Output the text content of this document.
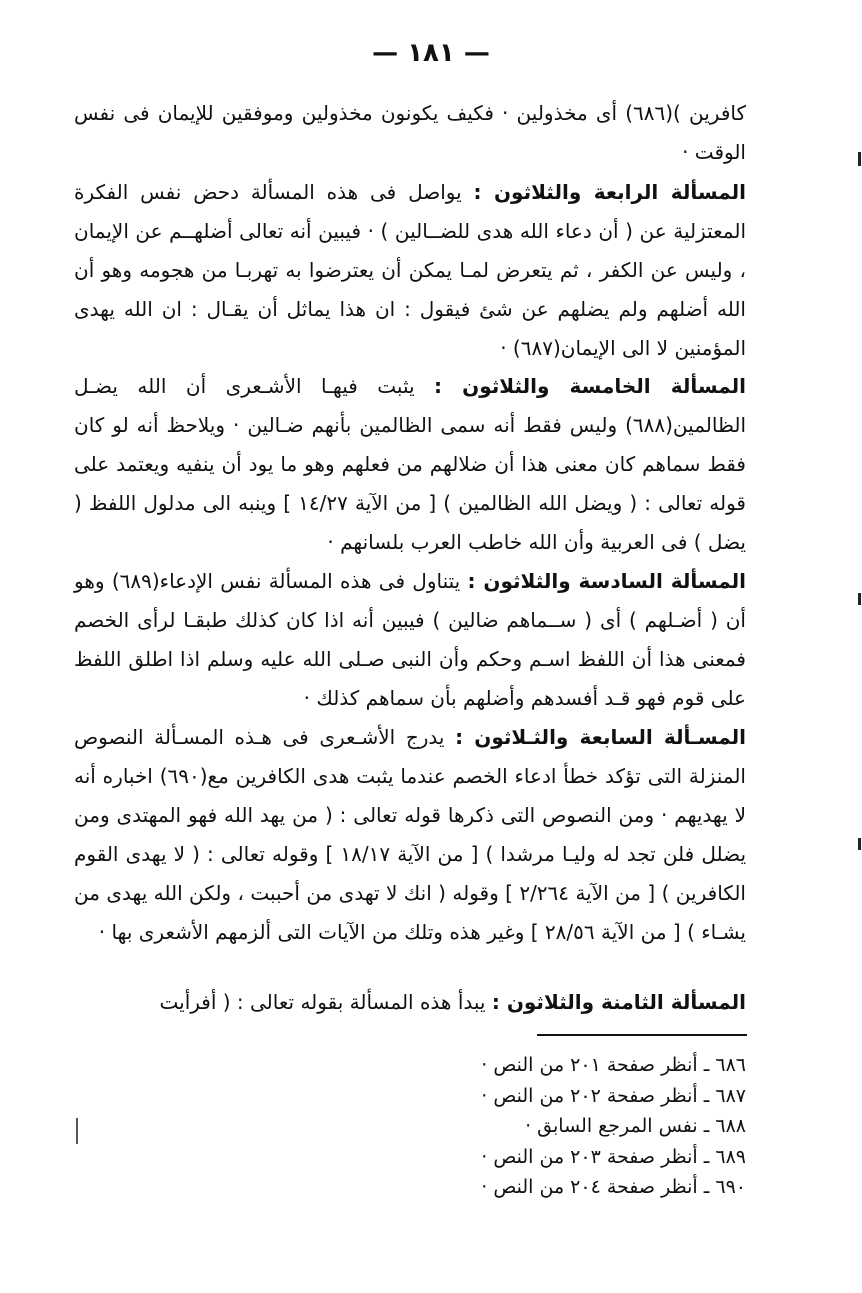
— ١٨١ —
كافرين )(٦٨٦) أى مخذولين · فكيف يكونون مخذولين وموفقين للإيمان فى نفس الوقت ·
المسألة الرابعة والثلاثون : يواصل فى هذه المسألة دحض نفس الفكرة المعتزلية عن ( أن دعاء الله هدى للضــالين ) · فيبين أنه تعالى أضلهــم عن الإيمان ، وليس عن الكفر ، ثم يتعرض لمـا يمكن أن يعترضوا به تهربـا من هجومه وهو أن الله أضلهم ولم يضلهم عن شئ فيقول : ان هذا يماثل أن يقـال : ان الله يهدى المؤمنين لا الى الإيمان(٦٨٧) ·
المسألة الخامسة والثلاثون : يثبت فيهـا الأشـعرى أن الله يضـل الظالمين(٦٨٨) وليس فقط أنه سمى الظالمين بأنهم ضـالين · ويلاحظ أنه لو كان فقط سماهم كان معنى هذا أن ضلالهم من فعلهم وهو ما يود أن ينفيه ويعتمد على قوله تعالى : ( ويضل الله الظالمين ) [ من الآية ١٤/٢٧ ] وينبه الى مدلول اللفظ ( يضل ) فى العربية وأن الله خاطب العرب بلسانهم ·
المسألة السادسة والثلاثون : يتناول فى هذه المسألة نفس الإدعاء(٦٨٩) وهو أن ( أضـلهم ) أى ( ســماهم ضالين ) فيبين أنه اذا كان كذلك طبقـا لرأى الخصم فمعنى هذا أن اللفظ اسـم وحكم وأن النبى صـلى الله عليه وسلم اذا اطلق اللفظ على قوم فهو قـد أفسدهم وأضلهم بأن سماهم كذلك ·
المسـألة السابعة والثـلاثون : يدرج الأشـعرى فى هـذه المسـألة النصوص المنزلة التى تؤكد خطأ ادعاء الخصم عندما يثبت هدى الكافرين مع(٦٩٠) اخباره أنه لا يهديهم · ومن النصوص التى ذكرها قوله تعالى : ( من يهد الله فهو المهتدى ومن يضلل فلن تجد له وليـا مرشدا ) [ من الآية ١٨/١٧ ] وقوله تعالى : ( لا يهدى القوم الكافرين ) [ من الآية ٢/٢٦٤ ] وقوله ( انك لا تهدى من أحببت ، ولكن الله يهدى من يشـاء ) [ من الآية ٢٨/٥٦ ] وغير هذه وتلك من الآيات التى ألزمهم الأشعرى بها ·
المسألة الثامنة والثلاثون : يبدأ هذه المسألة بقوله تعالى : ( أفرأيت
٦٨٦ ـ أنظر صفحة ٢٠١ من النص ·
٦٨٧ ـ أنظر صفحة ٢٠٢ من النص ·
٦٨٨ ـ نفس المرجع السابق ·
٦٨٩ ـ أنظر صفحة ٢٠٣ من النص ·
٦٩٠ ـ أنظر صفحة ٢٠٤ من النص ·
